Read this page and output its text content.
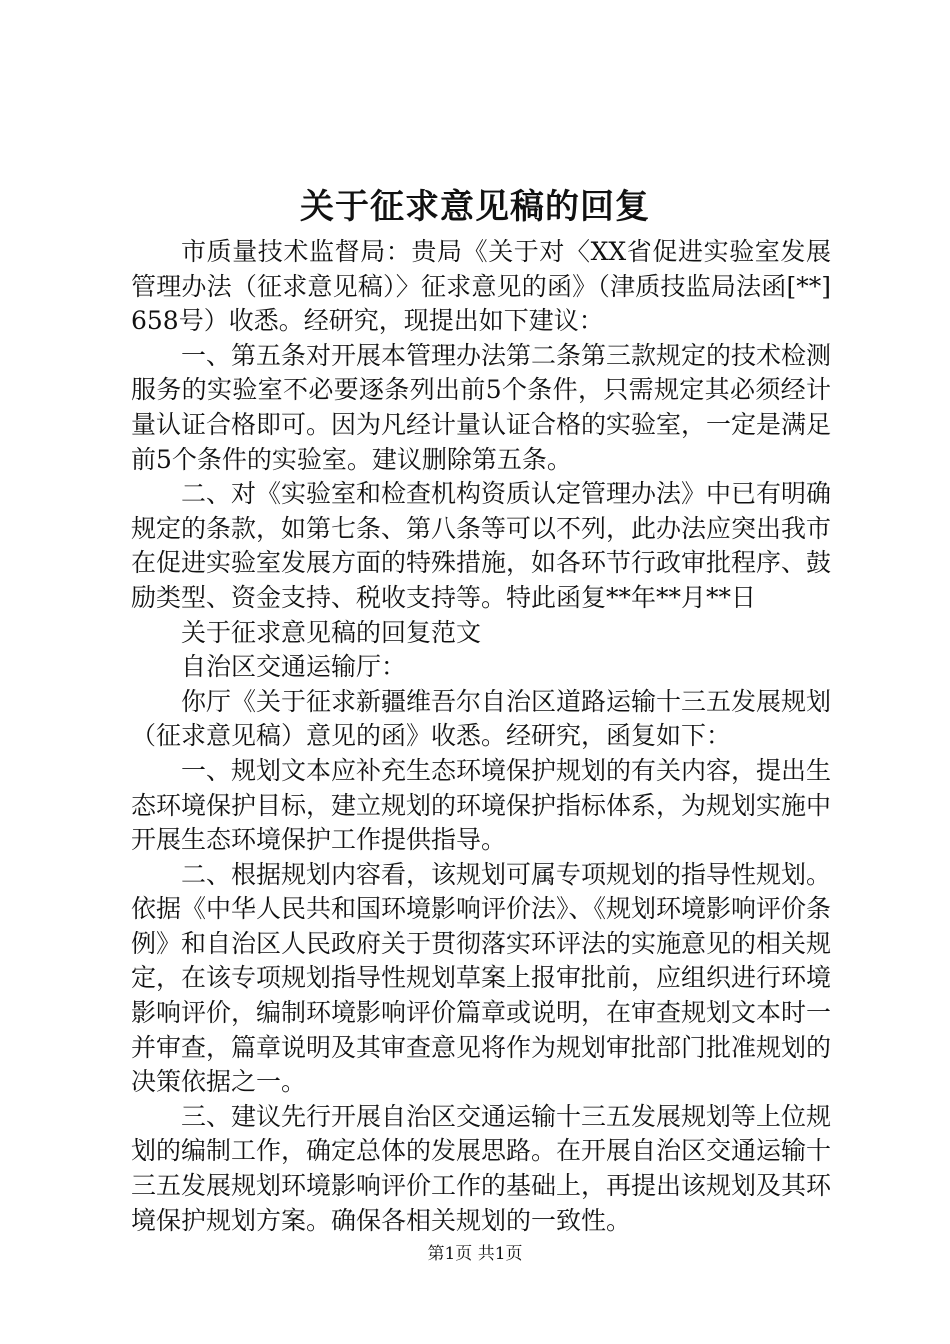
关于征求意见稿的回复

市质量技术监督局：贵局《关于对〈XX省促进实验室发展管理办法（征求意见稿）〉征求意见的函》（津质技监局法函[**]658号）收悉。经研究，现提出如下建议：

一、第五条对开展本管理办法第二条第三款规定的技术检测服务的实验室不必要逐条列出前5个条件，只需规定其必须经计量认证合格即可。因为凡经计量认证合格的实验室，一定是满足前5个条件的实验室。建议删除第五条。

二、对《实验室和检查机构资质认定管理办法》中已有明确规定的条款，如第七条、第八条等可以不列，此办法应突出我市在促进实验室发展方面的特殊措施，如各环节行政审批程序、鼓励类型、资金支持、税收支持等。特此函复**年**月**日

关于征求意见稿的回复范文

自治区交通运输厅：

你厅《关于征求新疆维吾尔自治区道路运输十三五发展规划（征求意见稿）意见的函》收悉。经研究，函复如下：

一、规划文本应补充生态环境保护规划的有关内容，提出生态环境保护目标，建立规划的环境保护指标体系，为规划实施中开展生态环境保护工作提供指导。

二、根据规划内容看，该规划可属专项规划的指导性规划。依据《中华人民共和国环境影响评价法》、《规划环境影响评价条例》和自治区人民政府关于贯彻落实环评法的实施意见的相关规定，在该专项规划指导性规划草案上报审批前，应组织进行环境影响评价，编制环境影响评价篇章或说明，在审查规划文本时一并审查，篇章说明及其审查意见将作为规划审批部门批准规划的决策依据之一。

三、建议先行开展自治区交通运输十三五发展规划等上位规划的编制工作，确定总体的发展思路。在开展自治区交通运输十三五发展规划环境影响评价工作的基础上，再提出该规划及其环境保护规划方案。确保各相关规划的一致性。

第1页 共1页
